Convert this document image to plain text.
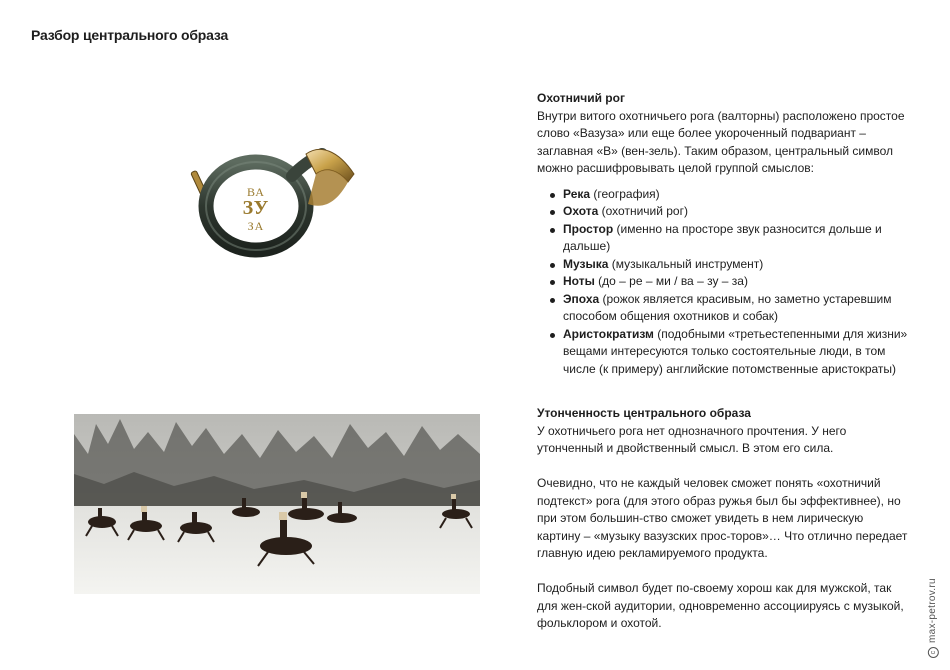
Разбор центрального образа
ВА
ЗУ
ЗА
Охотничий рог

Внутри витого охотничьего рога (валторны) расположено простое слово «Вазуза» или еще более укороченный подвариант – заглавная «В» (вен-зель). Таким образом, центральный символ можно расшифровывать целой группой смыслов:

Река (география)
Охота (охотничий рог)
Простор (именно на просторе звук разносится дольше и дальше)
Музыка (музыкальный инструмент)
Ноты (до – ре – ми / ва – зу – за)
Эпоха (рожок является красивым, но заметно устаревшим способом общения охотников и собак)
Аристократизм (подобными «третьестепенными для жизни» вещами интересуются только состоятельные люди, в том числе (к примеру) английские потомственные аристократы)
Утонченность центрального образа

У охотничьего рога нет однозначного прочтения. У него утонченный и двойственный смысл. В этом его сила.

Очевидно, что не каждый человек сможет понять «охотничий подтекст» рога (для этого образ ружья был бы эффективнее), но при этом большин-ство сможет увидеть в нем лирическую картину – «музыку вазузских прос-торов»… Что отлично передает главную идею рекламируемого продукта.

Подобный символ будет по-своему хорош как для мужской, так для жен-ской аудитории, одновременно ассоциируясь с музыкой, фольклором и охотой.

cmax-petrov.ru
